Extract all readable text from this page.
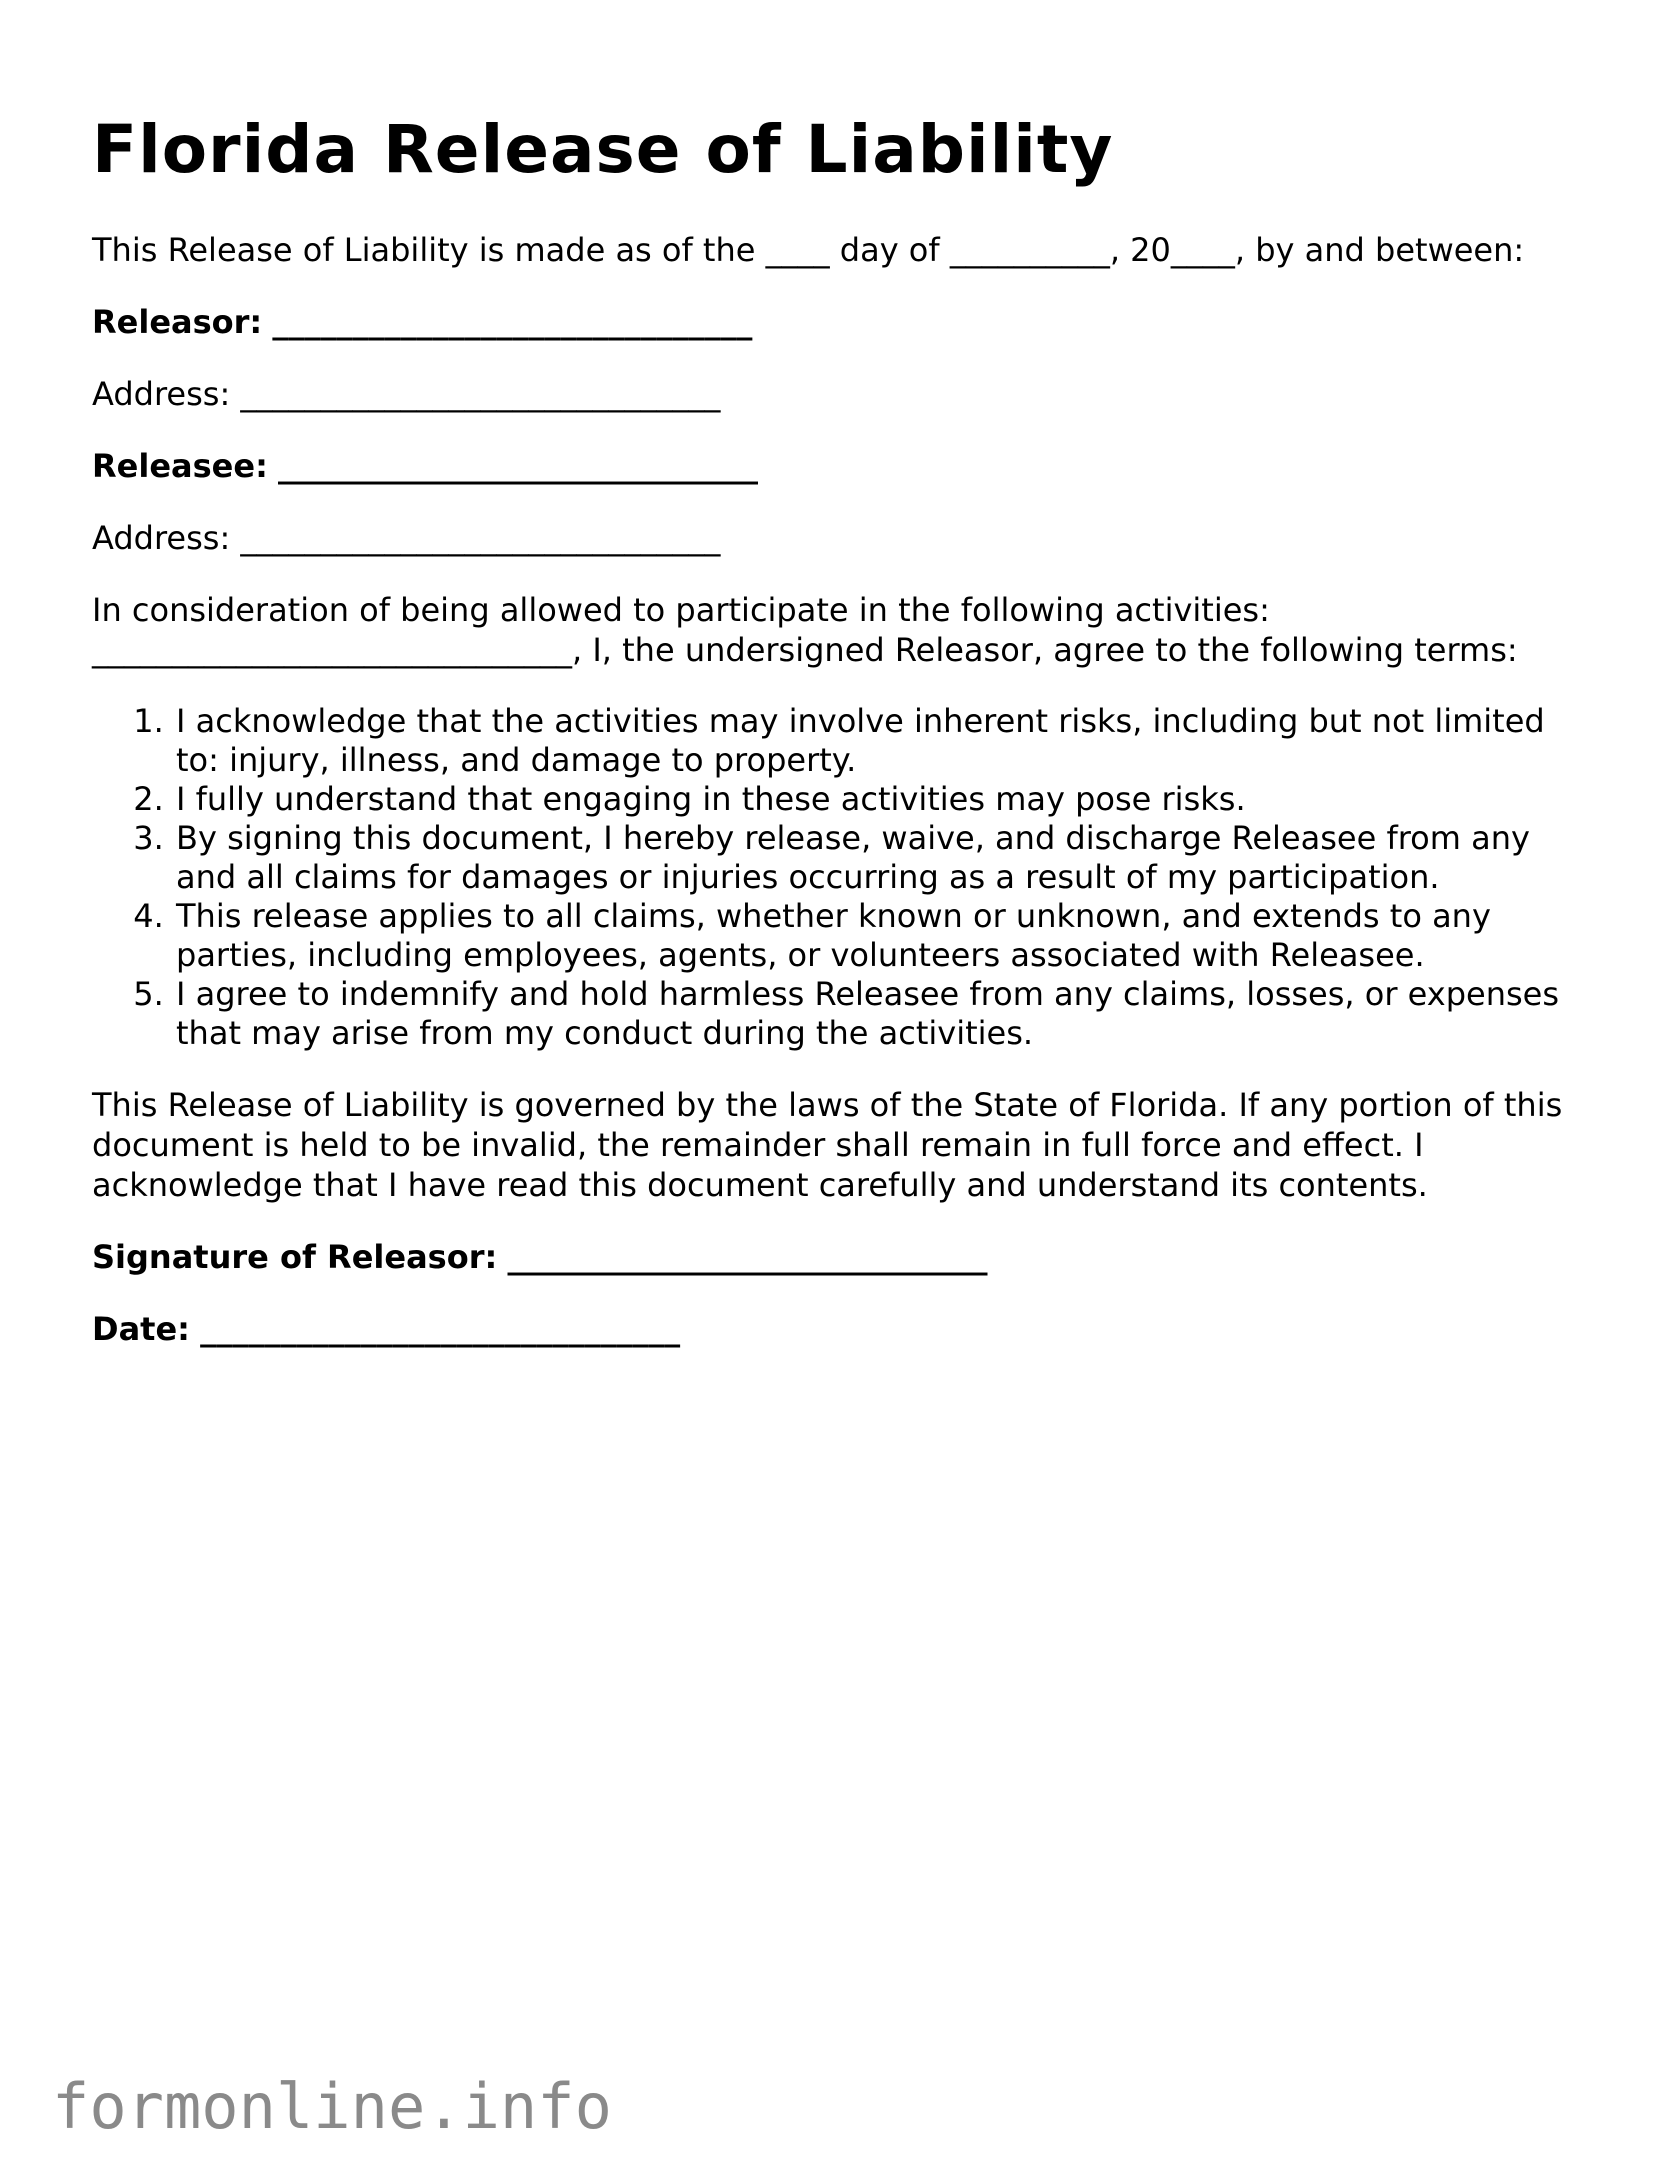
Florida Release of Liability

This Release of Liability is made as of the ____ day of __________, 20____, by and between:

Releasor: ______________________________

Address: ______________________________

Releasee: ______________________________

Address: ______________________________

In consideration of being allowed to participate in the following activities: ______________________________, I, the undersigned Releasor, agree to the following terms:

1. I acknowledge that the activities may involve inherent risks, including but not limited to: injury, illness, and damage to property.
2. I fully understand that engaging in these activities may pose risks.
3. By signing this document, I hereby release, waive, and discharge Releasee from any and all claims for damages or injuries occurring as a result of my participation.
4. This release applies to all claims, whether known or unknown, and extends to any parties, including employees, agents, or volunteers associated with Releasee.
5. I agree to indemnify and hold harmless Releasee from any claims, losses, or expenses that may arise from my conduct during the activities.

This Release of Liability is governed by the laws of the State of Florida. If any portion of this document is held to be invalid, the remainder shall remain in full force and effect. I acknowledge that I have read this document carefully and understand its contents.

Signature of Releasor: ______________________________

Date: ______________________________

formonline.info
